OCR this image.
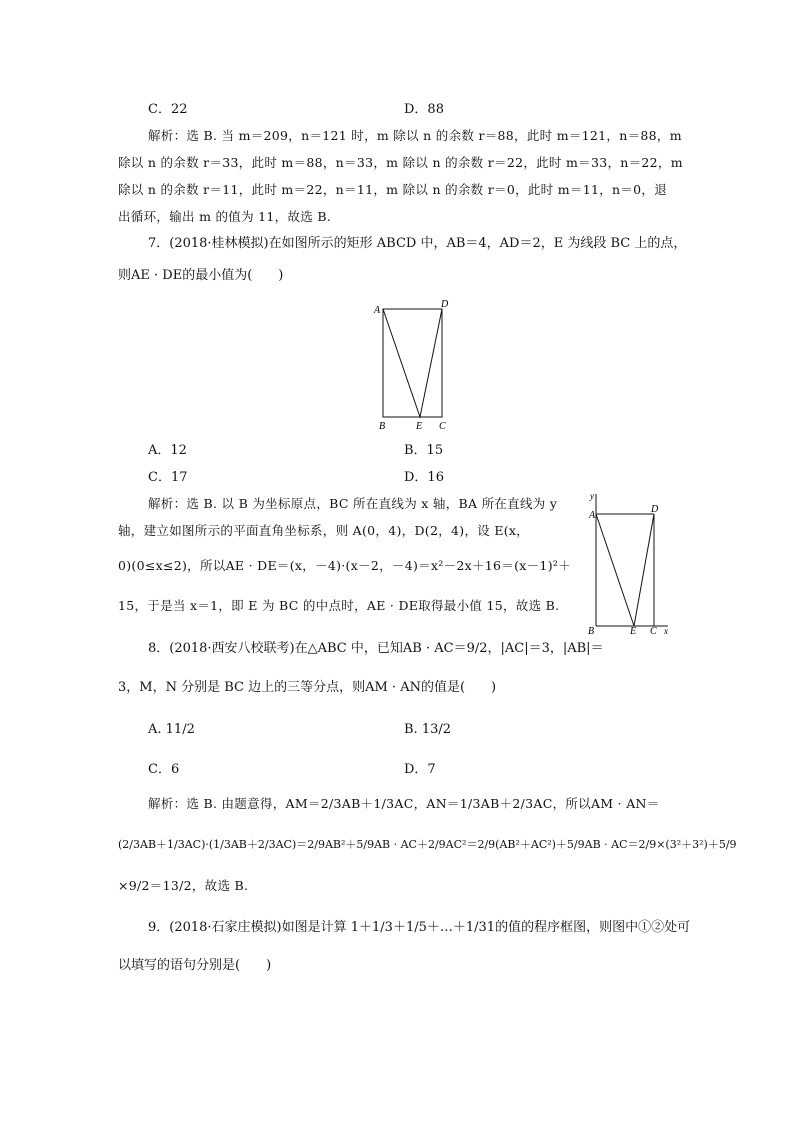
C．22	D．88
解析：选 B. 当 m＝209，n＝121 时，m 除以 n 的余数 r＝88，此时 m＝121，n＝88，m
除以 n 的余数 r＝33，此时 m＝88，n＝33，m 除以 n 的余数 r＝22，此时 m＝33，n＝22，m
除以 n 的余数 r＝11，此时 m＝22，n＝11，m 除以 n 的余数 r＝0，此时 m＝11，n＝0，退
出循环，输出 m 的值为 11，故选 B.
7．(2018·桂林模拟)在如图所示的矩形 ABCD 中，AB＝4，AD＝2，E 为线段 BC 上的点，
则AE · DE的最小值为(　　)
A
D
B	E C
A．12	B．15
C．17	D．16
解析：选 B. 以 B 为坐标原点，BC 所在直线为 x 轴，BA 所在直线为 y
轴，建立如图所示的平面直角坐标系，则 A(0，4)，D(2，4)，设 E(x，
0)(0≤x≤2)，所以AE · DE＝(x，－4)·(x－2，－4)＝x²－2x＋16＝(x－1)²＋
15，于是当 x＝1，即 E 为 BC 的中点时，AE · DE取得最小值 15，故选 B.
y
A
D
B	E C x
8．(2018·西安八校联考)在△ABC 中，已知AB · AC＝9/2，|AC|＝3，|AB|＝
3，M，N 分别是 BC 边上的三等分点，则AM · AN的值是(　　)
A. 11/2	B. 13/2
C．6	D．7
解析：选 B. 由题意得，AM＝2/3AB＋1/3AC，AN＝1/3AB＋2/3AC，所以AM · AN＝
(2/3AB＋1/3AC)·(1/3AB＋2/3AC)＝2/9AB²＋5/9AB · AC＋2/9AC²＝2/9(AB²＋AC²)＋5/9AB · AC＝2/9×(3²＋3²)＋5/9
×9/2＝13/2，故选 B.
9．(2018·石家庄模拟)如图是计算 1＋1/3＋1/5＋…＋1/31的值的程序框图，则图中①②处可
以填写的语句分别是(　　)
